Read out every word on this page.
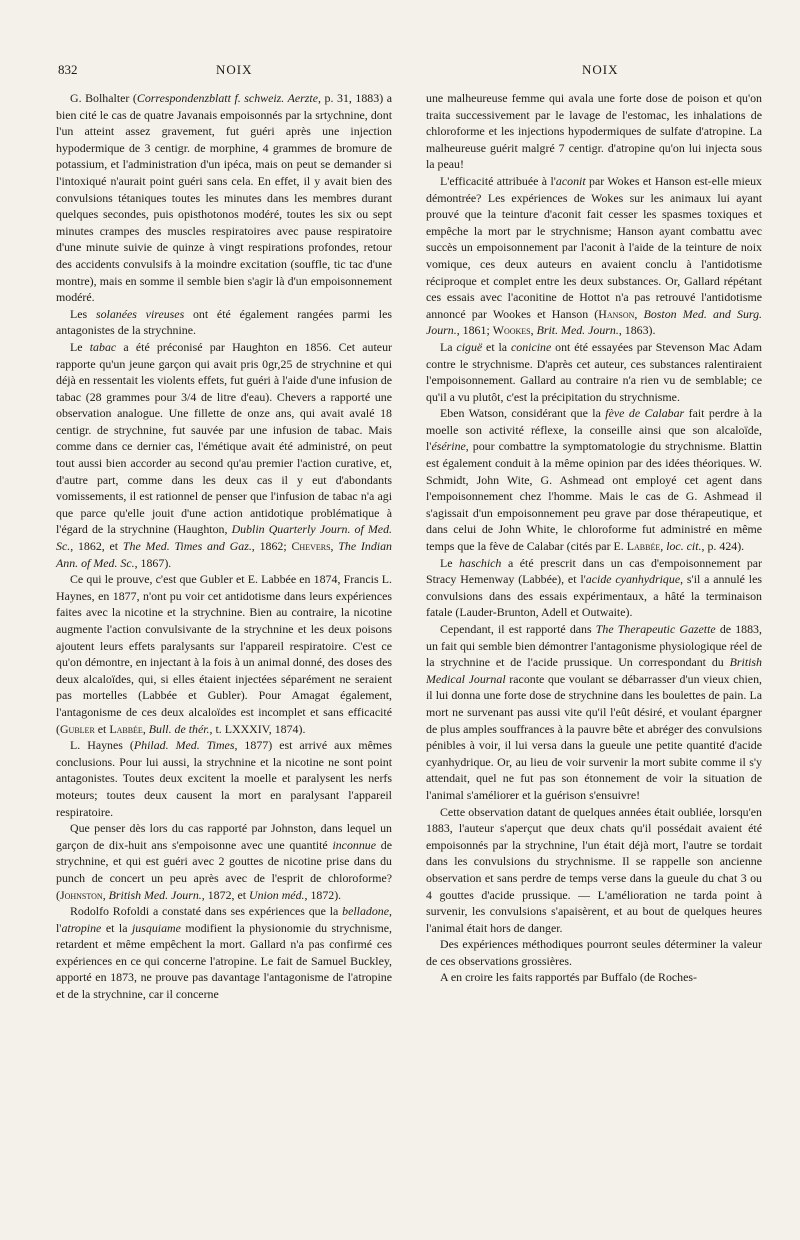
832	NOIX	NOIX

G. Bolhalter (Correspondenzblatt f. schweiz. Aerzte, p. 31, 1883) a bien cité le cas de quatre Javanais empoisonnés par la srtychnine, dont l'un atteint assez gravement, fut guéri après une injection hypodermique de 3 centigr. de morphine, 4 grammes de bromure de potassium, et l'administration d'un ipéca, mais on peut se demander si l'intoxiqué n'aurait point guéri sans cela. En effet, il y avait bien des convulsions tétaniques toutes les minutes dans les membres durant quelques secondes, puis opisthotonos modéré, toutes les six ou sept minutes crampes des muscles respiratoires avec pause respiratoire d'une minute suivie de quinze à vingt respirations profondes, retour des accidents convulsifs à la moindre excitation (souffle, tic tac d'une montre), mais en somme il semble bien s'agir là d'un empoisonnement modéré.

Les solanées vireuses ont été également rangées parmi les antagonistes de la strychnine.

Le tabac a été préconisé par Haughton en 1856. Cet auteur rapporte qu'un jeune garçon qui avait pris 0gr,25 de strychnine et qui déjà en ressentait les violents effets, fut guéri à l'aide d'une infusion de tabac (28 grammes pour 3/4 de litre d'eau). Chevers a rapporté une observation analogue. Une fillette de onze ans, qui avait avalé 18 centigr. de strychnine, fut sauvée par une infusion de tabac. Mais comme dans ce dernier cas, l'émétique avait été administré, on peut tout aussi bien accorder au second qu'au premier l'action curative, et, d'autre part, comme dans les deux cas il y eut d'abondants vomissements, il est rationnel de penser que l'infusion de tabac n'a agi que parce qu'elle jouit d'une action antidotique problématique à l'égard de la strychnine (Haughton, Dublin Quarterly Journ. of Med. Sc., 1862, et The Med. Times and Gaz., 1862; Chevers, The Indian Ann. of Med. Sc., 1867).

Ce qui le prouve, c'est que Gubler et E. Labbée en 1874, Francis L. Haynes, en 1877, n'ont pu voir cet antidotisme dans leurs expériences faites avec la nicotine et la strychnine. Bien au contraire, la nicotine augmente l'action convulsivante de la strychnine et les deux poisons ajoutent leurs effets paralysants sur l'appareil respiratoire. C'est ce qu'on démontre, en injectant à la fois à un animal donné, des doses des deux alcaloïdes, qui, si elles étaient injectées séparément ne seraient pas mortelles (Labbée et Gubler). Pour Amagat également, l'antagonisme de ces deux alcaloïdes est incomplet et sans efficacité (Gubler et Labbée, Bull. de thér., t. LXXXIV, 1874).

L. Haynes (Philad. Med. Times, 1877) est arrivé aux mêmes conclusions. Pour lui aussi, la strychnine et la nicotine ne sont point antagonistes. Toutes deux excitent la moelle et paralysent les nerfs moteurs; toutes deux causent la mort en paralysant l'appareil respiratoire.

Que penser dès lors du cas rapporté par Johnston, dans lequel un garçon de dix-huit ans s'empoisonne avec une quantité inconnue de strychnine, et qui est guéri avec 2 gouttes de nicotine prise dans du punch de concert un peu après avec de l'esprit de chloroforme? (Johnston, British Med. Journ., 1872, et Union méd., 1872).

Rodolfo Rofoldi a constaté dans ses expériences que la belladone, l'atropine et la jusquiame modifient la physionomie du strychnisme, retardent et même empêchent la mort. Gallard n'a pas confirmé ces expériences en ce qui concerne l'atropine. Le fait de Samuel Buckley, apporté en 1873, ne prouve pas davantage l'antagonisme de l'atropine et de la strychnine, car il concerne

une malheureuse femme qui avala une forte dose de poison et qu'on traita successivement par le lavage de l'estomac, les inhalations de chloroforme et les injections hypodermiques de sulfate d'atropine. La malheureuse guérit malgré 7 centigr. d'atropine qu'on lui injecta sous la peau!

L'efficacité attribuée à l'aconit par Wokes et Hanson est-elle mieux démontrée? Les expériences de Wokes sur les animaux lui ayant prouvé que la teinture d'aconit fait cesser les spasmes toxiques et empêche la mort par le strychnisme; Hanson ayant combattu avec succès un empoisonnement par l'aconit à l'aide de la teinture de noix vomique, ces deux auteurs en avaient conclu à l'antidotisme réciproque et complet entre les deux substances. Or, Gallard répétant ces essais avec l'aconitine de Hottot n'a pas retrouvé l'antidotisme annoncé par Wookes et Hanson (Hanson, Boston Med. and Surg. Journ., 1861; Wookes, Brit. Med. Journ., 1863).

La ciguë et la conicine ont été essayées par Stevenson Mac Adam contre le strychnisme. D'après cet auteur, ces substances ralentiraient l'empoisonnement. Gallard au contraire n'a rien vu de semblable; ce qu'il a vu plutôt, c'est la précipitation du strychnisme.

Eben Watson, considérant que la fève de Calabar fait perdre à la moelle son activité réflexe, la conseille ainsi que son alcaloïde, l'ésérine, pour combattre la symptomatologie du strychnisme. Blattin est également conduit à la même opinion par des idées théoriques. W. Schmidt, John Wite, G. Ashmead ont employé cet agent dans l'empoisonnement chez l'homme. Mais le cas de G. Ashmead il s'agissait d'un empoisonnement peu grave par dose thérapeutique, et dans celui de John White, le chloroforme fut administré en même temps que la fève de Calabar (cités par E. Labbée, loc. cit., p. 424).

Le haschich a été prescrit dans un cas d'empoisonnement par Stracy Hemenway (Labbée), et l'acide cyanhydrique, s'il a annulé les convulsions dans des essais expérimentaux, a hâté la terminaison fatale (Lauder-Brunton, Adell et Outwaite).

Cependant, il est rapporté dans The Therapeutic Gazette de 1883, un fait qui semble bien démontrer l'antagonisme physiologique réel de la strychnine et de l'acide prussique. Un correspondant du British Medical Journal raconte que voulant se débarrasser d'un vieux chien, il lui donna une forte dose de strychnine dans les boulettes de pain. La mort ne survenant pas aussi vite qu'il l'eût désiré, et voulant épargner de plus amples souffrances à la pauvre bête et abréger des convulsions pénibles à voir, il lui versa dans la gueule une petite quantité d'acide cyanhydrique. Or, au lieu de voir survenir la mort subite comme il s'y attendait, quel ne fut pas son étonnement de voir la situation de l'animal s'améliorer et la guérison s'ensuivre!

Cette observation datant de quelques années était oubliée, lorsqu'en 1883, l'auteur s'aperçut que deux chats qu'il possédait avaient été empoisonnés par la strychnine, l'un était déjà mort, l'autre se tordait dans les convulsions du strychnisme. Il se rappelle son ancienne observation et sans perdre de temps verse dans la gueule du chat 3 ou 4 gouttes d'acide prussique. — L'amélioration ne tarda point à survenir, les convulsions s'apaisèrent, et au bout de quelques heures l'animal était hors de danger.

Des expériences méthodiques pourront seules déterminer la valeur de ces observations grossières.

A en croire les faits rapportés par Buffalo (de Roches-
